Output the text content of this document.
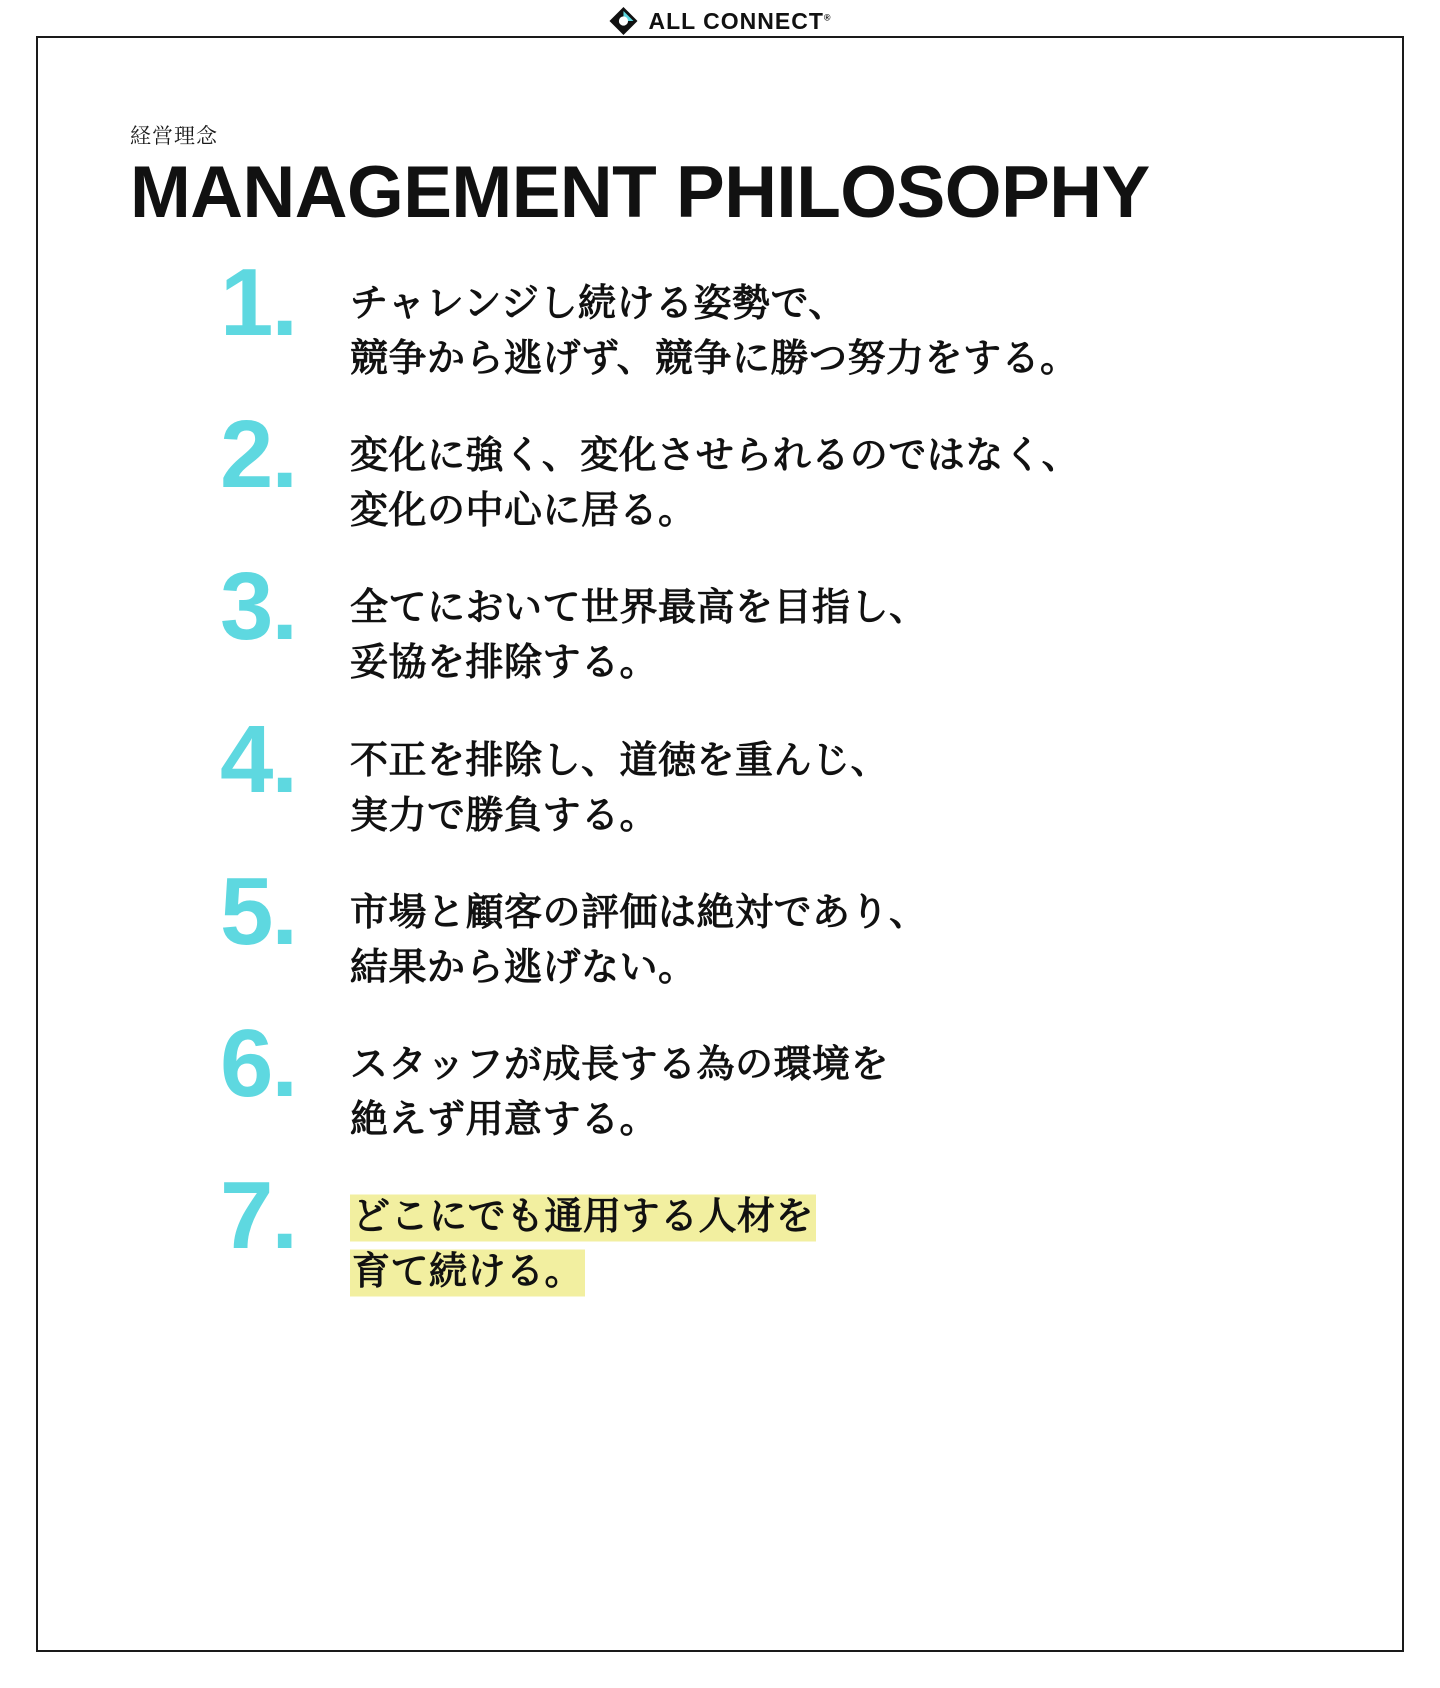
ALL CONNECT®
経営理念
MANAGEMENT PHILOSOPHY
1.	チャレンジし続ける姿勢で、
競争から逃げず、競争に勝つ努力をする。
2.	変化に強く、変化させられるのではなく、
変化の中心に居る。
3.	全てにおいて世界最高を目指し、
妥協を排除する。
4.	不正を排除し、道徳を重んじ、
実力で勝負する。
5.	市場と顧客の評価は絶対であり、
結果から逃げない。
6.	スタッフが成長する為の環境を
絶えず用意する。
7.	どこにでも通用する人材を
育て続ける。
